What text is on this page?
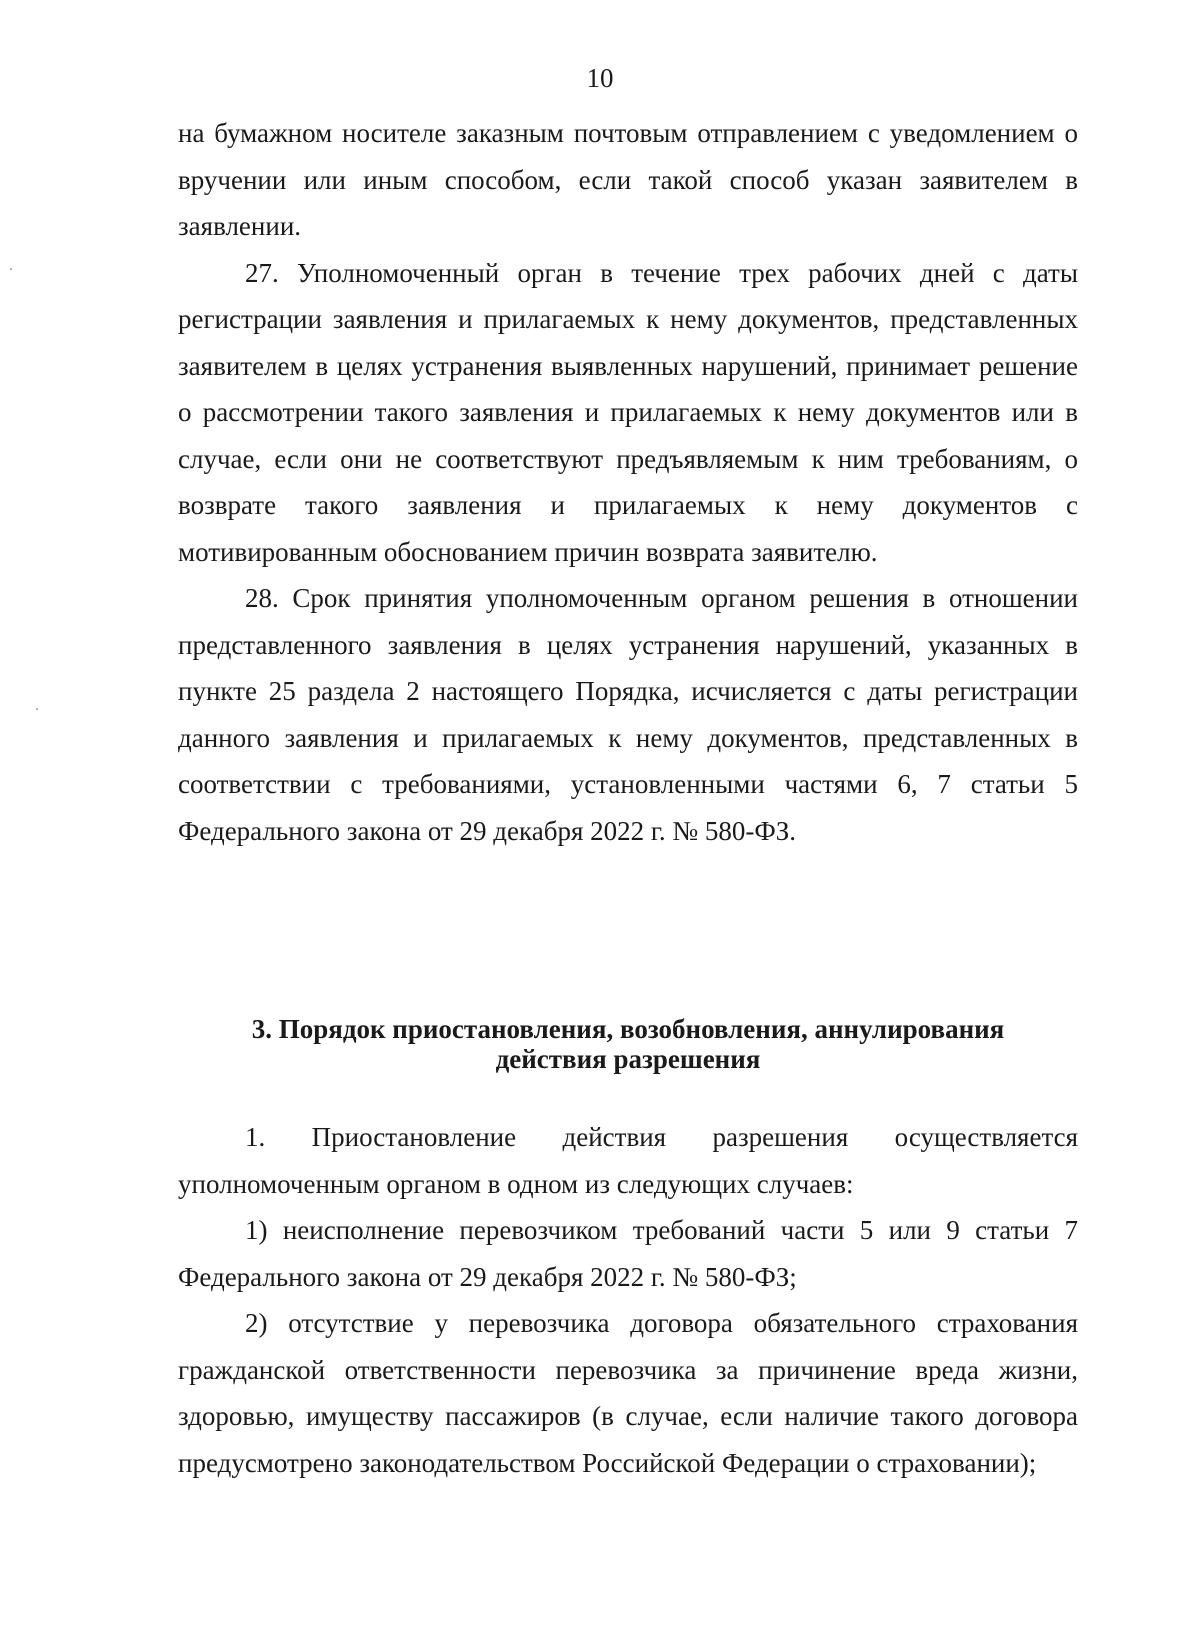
10

на бумажном носителе заказным почтовым отправлением с уведомлением о вручении или иным способом, если такой способ указан заявителем в заявлении.

27. Уполномоченный орган в течение трех рабочих дней с даты регистрации заявления и прилагаемых к нему документов, представленных заявителем в целях устранения выявленных нарушений, принимает решение о рассмотрении такого заявления и прилагаемых к нему документов или в случае, если они не соответствуют предъявляемым к ним требованиям, о возврате такого заявления и прилагаемых к нему документов с мотивированным обоснованием причин возврата заявителю.

28. Срок принятия уполномоченным органом решения в отношении представленного заявления в целях устранения нарушений, указанных в пункте 25 раздела 2 настоящего Порядка, исчисляется с даты регистрации данного заявления и прилагаемых к нему документов, представленных в соответствии с требованиями, установленными частями 6, 7 статьи 5 Федерального закона от 29 декабря 2022 г. № 580-ФЗ.

3. Порядок приостановления, возобновления, аннулирования
действия разрешения

1. Приостановление действия разрешения осуществляется

уполномоченным органом в одном из следующих случаев:

1) неисполнение перевозчиком требований части 5 или 9 статьи 7 Федерального закона от 29 декабря 2022 г. № 580-ФЗ;

2) отсутствие у перевозчика договора обязательного страхования гражданской ответственности перевозчика за причинение вреда жизни, здоровью, имуществу пассажиров (в случае, если наличие такого договора предусмотрено законодательством Российской Федерации о страховании);
